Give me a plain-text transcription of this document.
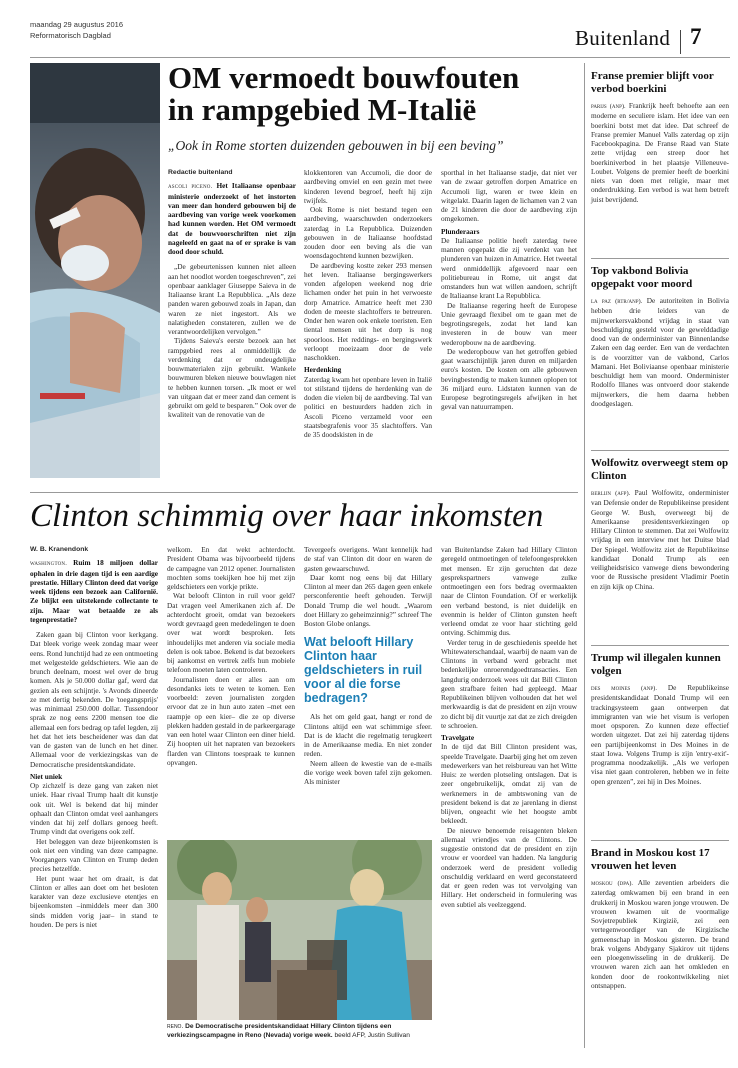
maandag 29 augustus 2016
Reformatorisch Dagblad	Buitenland 7
OM vermoedt bouwfouten
in rampgebied M-Italië
„Ook in Rome storten duizenden gebouwen in bij een beving”

Redactie buitenland

ascoli piceno. Het Italiaanse openbaar ministerie onderzoekt of het instorten van meer dan honderd gebouwen bij de aardbeving van vorige week voorkomen had kunnen worden. Het OM vermoedt dat de bouwvoorschriften niet zijn nageleefd en gaat na of er sprake is van dood door schuld.

„De gebeurtenissen kunnen niet alleen aan het noodlot worden toegeschreven”, zei openbaar aanklager Giuseppe Saieva in de Italiaanse krant La Repubblica. „Als deze panden waren gebouwd zoals in Japan, dan waren ze niet ingestort. Als we nalatigheden constateren, zullen we de verantwoordelijken vervolgen.”

Tijdens Saieva's eerste bezoek aan het rampgebied rees al onmiddellijk de verdenking dat er ondeugdelijke bouwmaterialen zijn gebruikt. Wankele bouwmuren bleken nieuwe bouwlagen niet te hebben kunnen torsen. „Ik moet er wel van uitgaan dat er meer zand dan cement is gebruikt om geld te besparen.” Ook over de kwaliteit van de renovatie van de

klokkentoren van Accumoli, die door de aardbeving omviel en een gezin met twee kinderen levend begroef, heeft hij zijn twijfels.

Ook Rome is niet bestand tegen een aardbeving, waarschuwden onderzoekers zaterdag in La Repubblica. Duizenden gebouwen in de Italiaanse hoofdstad zouden door een beving als die van woensdagochtend kunnen bezwijken.

De aardbeving kostte zeker 293 mensen het leven. Italiaanse bergingswerkers vonden afgelopen weekend nog drie lichamen onder het puin in het verwoeste dorp Amatrice. Amatrice heeft met 230 doden de meeste slachtoffers te betreuren. Onder hen waren ook enkele toeristen. Een tiental mensen uit het dorp is nog spoorloos. Het reddings- en bergingswerk verloopt moeizaam door de vele naschokken.

Herdenking

Zaterdag kwam het openbare leven in Italië tot stilstand tijdens de herdenking van de doden die vielen bij de aardbeving. Tal van politici en bestuurders hadden zich in Ascoli Piceno verzameld voor een staatsbegrafenis voor 35 slachtoffers. Van de 35 doodskisten in de

sporthal in het Italiaanse stadje, dat niet ver van de zwaar getroffen dorpen Amatrice en Accumoli ligt, waren er twee klein en witgelakt. Daarin lagen de lichamen van 2 van de 21 kinderen die door de aardbeving zijn omgekomen.

Plunderaars

De Italiaanse politie heeft zaterdag twee mannen opgepakt die zij verdenkt van het plunderen van huizen in Amatrice. Het tweetal werd onmiddellijk afgevoerd naar een politiebureau in Rome, uit angst dat omstanders hun wat willen aandoen, schrijft de Italiaanse krant La Repubblica.

De Italiaanse regering heeft de Europese Unie gevraagd flexibel om te gaan met de begrotingsregels, zodat het land kan investeren in de bouw van meer wederopbouw na de aardbeving.

De wederopbouw van het getroffen gebied gaat waarschijnlijk jaren duren en miljarden euro's kosten. De kosten om alle gebouwen bevingbestendig te maken kunnen oplopen tot 36 miljard euro. Lidstaten kunnen van de Europese begrotingsregels afwijken in het geval van natuurrampen.

Clinton schimmig over haar inkomsten

W. B. Kranendonk

washington. Ruim 18 miljoen dollar ophalen in drie dagen tijd is een aardige prestatie. Hillary Clinton deed dat vorige week tijdens een bezoek aan Californië. Ze blijkt een uitstekende collectante te zijn. Maar wat betaalde ze als tegenprestatie?

Zaken gaan bij Clinton voor kerkgang. Dat bleek vorige week zondag maar weer eens. Rond lunchtijd had ze een ontmoeting met welgestelde geldschieters. Wie aan de brunch deelnam, moest wel over de brug komen. Als je 50.000 dollar gaf, werd dat gezien als een schijntje. 's Avonds dineerde ze met dertig bekenden. De 'toegangsprijs' was minimaal 250.000 dollar. Tussendoor sprak ze nog eens 2200 mensen toe die allemaal een fors bedrag op tafel legden, zij het dat het iets bescheidener was dan dat van de gasten van de lunch en het diner. Allemaal voor de verkiezingskas van de Democratische presidentskandidate.

Niet uniek

Op zichzelf is deze gang van zaken niet uniek. Haar rivaal Trump haalt dit kunstje ook uit. Wel is bekend dat hij minder ophaalt dan Clinton omdat veel aanhangers vinden dat hij zelf dollars genoeg heeft. Trump vindt dat overigens ook zelf.

Het beleggen van deze bijeenkomsten is ook niet een vinding van deze campagne. Voorgangers van Clinton en Trump deden precies hetzelfde.

Het punt waar het om draait, is dat Clinton er alles aan doet om het besloten karakter van deze exclusieve etentjes en bijeenkomsten –inmiddels meer dan 300 sinds midden vorig jaar– in stand te houden. De pers is niet

welkom. En dat wekt achterdocht. President Obama was bijvoorbeeld tijdens de campagne van 2012 opener. Journalisten mochten soms toekijken hoe hij met zijn geldschieters een vorkje prikte.

Wat belooft Clinton in ruil voor geld? Dat vragen veel Amerikanen zich af. De achterdocht groeit, omdat van bezoekers wordt gevraagd geen mededelingen te doen over wat wordt besproken. Iets inhoudelijks met anderen via sociale media delen is ook taboe. Bekend is dat bezoekers bij aankomst en vertrek zelfs hun mobiele telefoon moeten laten controleren.

Journalisten doen er alles aan om desondanks iets te weten te komen. Een voorbeeld: zeven journalisten zorgden ervoor dat ze in hun auto zaten –met een raampje op een kier– die ze op diverse plekken hadden gestald in de parkeergarage van een hotel waar Clinton een diner hield. Zij hoopten uit het napraten van bezoekers flarden van Clintons toespraak te kunnen opvangen.

Tevergeefs overigens. Want kennelijk had de staf van Clinton dit door en waren de gasten gewaarschuwd.

Daar komt nog eens bij dat Hillary Clinton al meer dan 265 dagen geen enkele persconferentie heeft gehouden. Terwijl Donald Trump die wel houdt. „Waarom doet Hillary zo geheimzinnig?” schreef The Boston Globe onlangs.

Wat belooft Hillary Clinton haar geldschieters in ruil voor al die forse bedragen?

Als het om geld gaat, hangt er rond de Clintons altijd een wat schimmige sfeer. Dat is de klacht die regelmatig terugkeert in de Amerikaanse media. En niet zonder reden.

Neem alleen de kwestie van de e-mails die vorige week boven tafel zijn gekomen. Als minister

van Buitenlandse Zaken had Hillary Clinton geregeld ontmoetingen of telefoongesprekken met mensen. Er zijn geruchten dat deze gesprekspartners vanwege zulke ontmoetingen een fors bedrag overmaakten naar de Clinton Foundation. Of er werkelijk een verband bestond, is niet duidelijk en evenmin is helder of Clinton gunsten heeft verleend omdat ze voor haar stichting geld ontving. Schimmig dus.

Verder terug in de geschiedenis speelde het Whitewaterschandaal, waarbij de naam van de Clintons in verband werd gebracht met bedenkelijke onroerendgoedtransacties. Een langdurig onderzoek wees uit dat Bill Clinton geen strafbare feiten had gepleegd. Maar Republikeinen blijven volhouden dat het wel merkwaardig is dat de president en zijn vrouw zo dicht bij dit vuurtje zat dat ze zich dreigden te schroeien.

Travelgate

In de tijd dat Bill Clinton president was, speelde Travelgate. Daarbij ging het om zeven medewerkers van het reisbureau van het Witte Huis: ze werden plotseling ontslagen. Dat is zeer ongebruikelijk, omdat zij van de werknemers in de ambtswoning van de president bekend is dat ze jarenlang in dienst blijven, ongeacht wie het hoogste ambt bekleedt.

De nieuwe benoemde reisagenten bleken allemaal vriendjes van de Clintons. De suggestie ontstond dat de president en zijn vrouw er voordeel van hadden. Na langdurig onderzoek werd de president volledig onschuldig verklaard en werd geconstateerd dat er geen reden was tot vervolging van Hillary. Het onderscheid in formulering was even subtiel als veelzeggend.

reno. De Democratische presidentskandidaat Hillary Clinton tijdens een verkiezingscampagne in Reno (Nevada) vorige week. beeld AFP, Justin Sullivan
Franse premier blijft voor verbod boerkini
parijs (anp). Frankrijk heeft behoefte aan een moderne en seculiere islam. Het idee van een boerkini botst met dat idee. Dat schreef de Franse premier Manuel Valls zaterdag op zijn Facebookpagina. De Franse Raad van State zette vrijdag een streep door het boerkiniverbod in het plaatsje Villeneuve-Loubet. Volgens de premier heeft de boerkini niets van doen met religie, maar met onderdrukking. Een verbod is wat hem betreft juist bevrijdend.
Top vakbond Bolivia opgepakt voor moord
la paz (rtr/anp). De autoriteiten in Bolivia hebben drie leiders van de mijnwerkersvakbond vrijdag in staat van beschuldiging gesteld voor de gewelddadige dood van de onderminister van Binnenlandse Zaken een dag eerder. Een van de verdachten is de voorzitter van de vakbond, Carlos Mamani. Het Boliviaanse openbaar ministerie beschuldigt hem van moord. Onderminister Rodolfo Illanes was ontvoerd door stakende mijnwerkers, die hem daarna hebben doodgeslagen.
Wolfowitz overweegt stem op Clinton
berlijn (afp). Paul Wolfowitz, onderminister van Defensie onder de Republikeinse president George W. Bush, overweegt bij de Amerikaanse presidentsverkiezingen op Hillary Clinton te stemmen. Dat zei Wolfowitz vrijdag in een interview met het Duitse blad Der Spiegel. Wolfowitz ziet de Republikeinse kandidaat Donald Trump als een veiligheidsrisico vanwege diens bewondering voor de Russische president Vladimir Poetin en zijn kijk op China.
Trump wil illegalen kunnen volgen
des moines (anp). De Republikeinse presidentskandidaat Donald Trump wil een trackingsysteem gaan ontwerpen dat immigranten van wie het visum is verlopen moet opsporen. Zo kunnen deze effectief worden uitgezet. Dat zei hij zaterdag tijdens een partijbijeenkomst in Des Moines in de staat Iowa. Volgens Trump is zijn 'entry-exit'-programma noodzakelijk. „Als we verlopen visa niet gaan controleren, hebben we in feite open grenzen”, zei hij in Des Moines.
Brand in Moskou kost 17 vrouwen het leven
moskou (dpa). Alle zeventien arbeiders die zaterdag omkwamen bij een brand in een drukkerij in Moskou waren jonge vrouwen. De vrouwen kwamen uit de voormalige Sovjetrepubliek Kirgizië, zei een vertegenwoordiger van de Kirgizische gemeenschap in Moskou gisteren. De brand brak volgens Abdygany Sjakirov uit tijdens een ploegenwisseling in de drukkerij. De vrouwen waren zich aan het omkleden en konden door de rookontwikkeling niet ontsnappen.
